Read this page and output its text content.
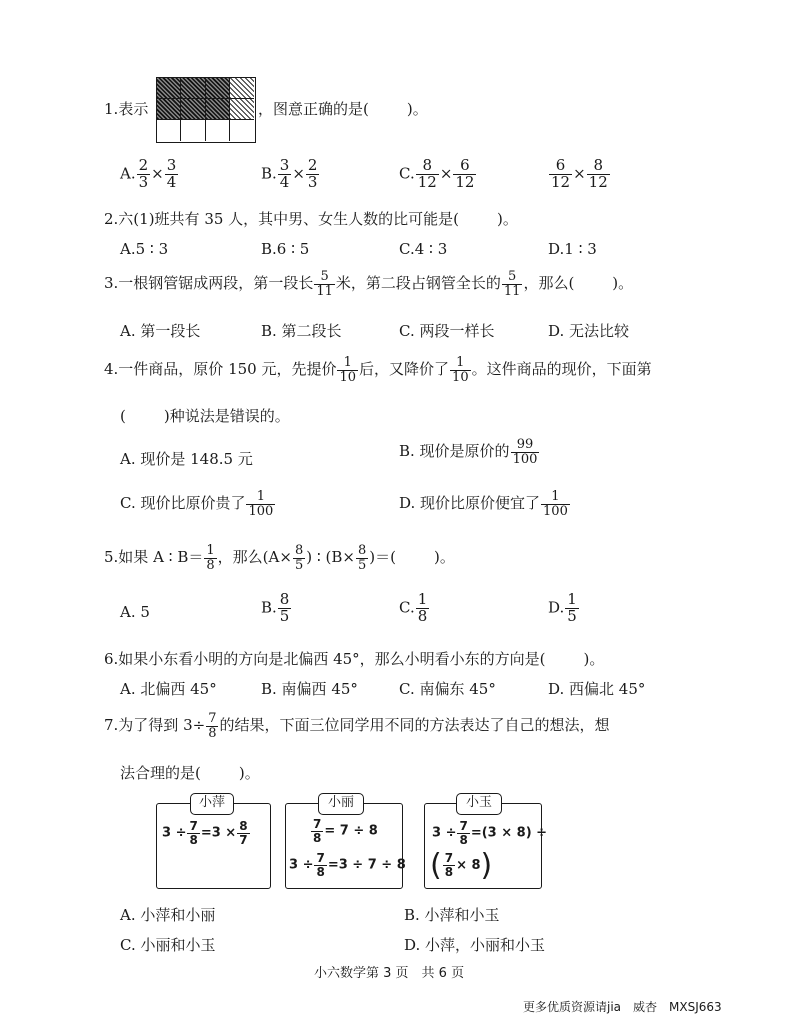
1.表示	，图意正确的是(	)。
A. $\frac{2}{3} \times \frac{3}{4}$	B. $\frac{3}{4} \times \frac{2}{3}$	C. $\frac{8}{12} \times \frac{6}{12}$	$\frac{6}{12} \times \frac{8}{12}$
2.六(1)班共有 35 人，其中男、女生人数的比可能是(	)。
A.5 ∶ 3	B.6 ∶ 5	C.4 ∶ 3	D.1 ∶ 3
3.一根钢管锯成两段，第一段长 $\frac{5}{11}$ 米，第二段占钢管全长的 $\frac{5}{11}$ ，那么(	)。
A. 第一段长	B. 第二段长	C. 两段一样长	D. 无法比较
4.一件商品，原价 150 元，先提价 $\frac{1}{10}$ 后，又降价了 $\frac{1}{10}$ 。这件商品的现价，下面第
(	)种说法是错误的。
A. 现价是 148.5 元	B. 现价是原价的 $\frac{99}{100}$
C. 现价比原价贵了 $\frac{1}{100}$	D. 现价比原价便宜了 $\frac{1}{100}$
5.如果 A ∶ $B= \frac{1}{8}$ ，那么($A\times \frac{8}{5}$ ) ∶ ($B\times \frac{8}{5}$ )＝(	)。
A. 5	B. $\frac{8}{5}$	C. $\frac{1}{8}$	D. $\frac{1}{5}$
6.如果小东看小明的方向是北偏西 45°，那么小明看小东的方向是(	)。
A. 北偏西 45°	B. 南偏西 45°	C. 南偏东 45°	D. 西偏北 45°
7.为了得到 $3\div \frac{7}{8}$ 的结果，下面三位同学用不同的方法表达了自己的想法，想
法合理的是(	)。
小萍
$3 \div \frac{7}{8} =3 \times \frac{8}{7}$
小丽
$\frac{7}{8} = 7 \div 8$
$3 \div \frac{7}{8} =3 \div 7 \div 8$
小玉
$3 \div \frac{7}{8} =(3 \times 8)$ ÷
( $\frac{7}{8} \times 8$)
A. 小萍和小丽	B. 小萍和小玉
C. 小丽和小玉	D. 小萍，小丽和小玉
小六数学第 3 页　共 6 页
更多优质资源请jia　威杏　MXSJ663
